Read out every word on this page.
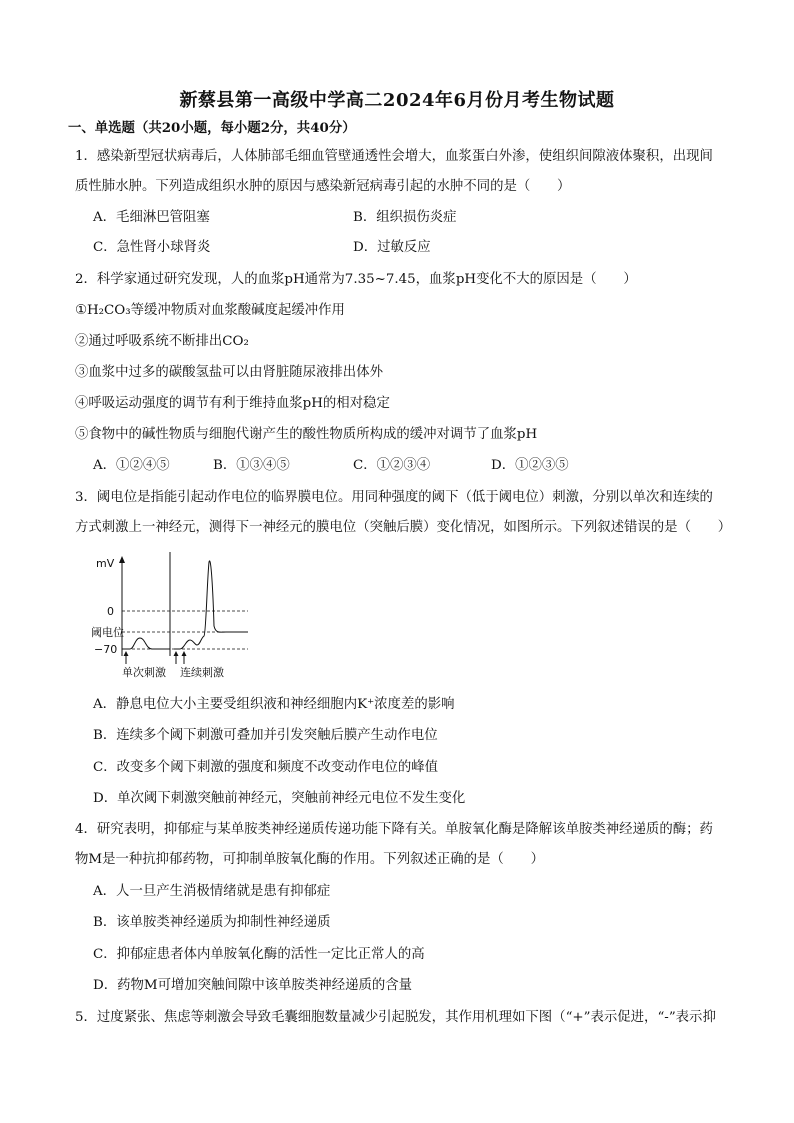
新蔡县第一高级中学高二2024年6月份月考生物试题
一、单选题（共20小题，每小题2分，共40分）
1．感染新型冠状病毒后，人体肺部毛细血管壁通透性会增大，血浆蛋白外渗，使组织间隙液体聚积，出现间
质性肺水肿。下列造成组织水肿的原因与感染新冠病毒引起的水肿不同的是（　　）
A．毛细淋巴管阻塞	B．组织损伤炎症
C．急性肾小球肾炎	D．过敏反应
2．科学家通过研究发现，人的血浆pH通常为7.35~7.45，血浆pH变化不大的原因是（　　）
①H₂CO₃等缓冲物质对血浆酸碱度起缓冲作用
②通过呼吸系统不断排出CO₂
③血浆中过多的碳酸氢盐可以由肾脏随尿液排出体外
④呼吸运动强度的调节有利于维持血浆pH的相对稳定
⑤食物中的碱性物质与细胞代谢产生的酸性物质所构成的缓冲对调节了血浆pH
A．①②④⑤	B．①③④⑤	C．①②③④	D．①②③⑤
3．阈电位是指能引起动作电位的临界膜电位。用同种强度的阈下（低于阈电位）刺激，分别以单次和连续的
方式刺激上一神经元，测得下一神经元的膜电位（突触后膜）变化情况，如图所示。下列叙述错误的是（　　）
mV
0
阈电位
−70
单次刺激 连续刺激
A．静息电位大小主要受组织液和神经细胞内K⁺浓度差的影响
B．连续多个阈下刺激可叠加并引发突触后膜产生动作电位
C．改变多个阈下刺激的强度和频度不改变动作电位的峰值
D．单次阈下刺激突触前神经元，突触前神经元电位不发生变化
4．研究表明，抑郁症与某单胺类神经递质传递功能下降有关。单胺氧化酶是降解该单胺类神经递质的酶；药
物M是一种抗抑郁药物，可抑制单胺氧化酶的作用。下列叙述正确的是（　　）
A．人一旦产生消极情绪就是患有抑郁症
B．该单胺类神经递质为抑制性神经递质
C．抑郁症患者体内单胺氧化酶的活性一定比正常人的高
D．药物M可增加突触间隙中该单胺类神经递质的含量
5．过度紧张、焦虑等刺激会导致毛囊细胞数量减少引起脱发，其作用机理如下图（“+”表示促进，“-”表示抑
